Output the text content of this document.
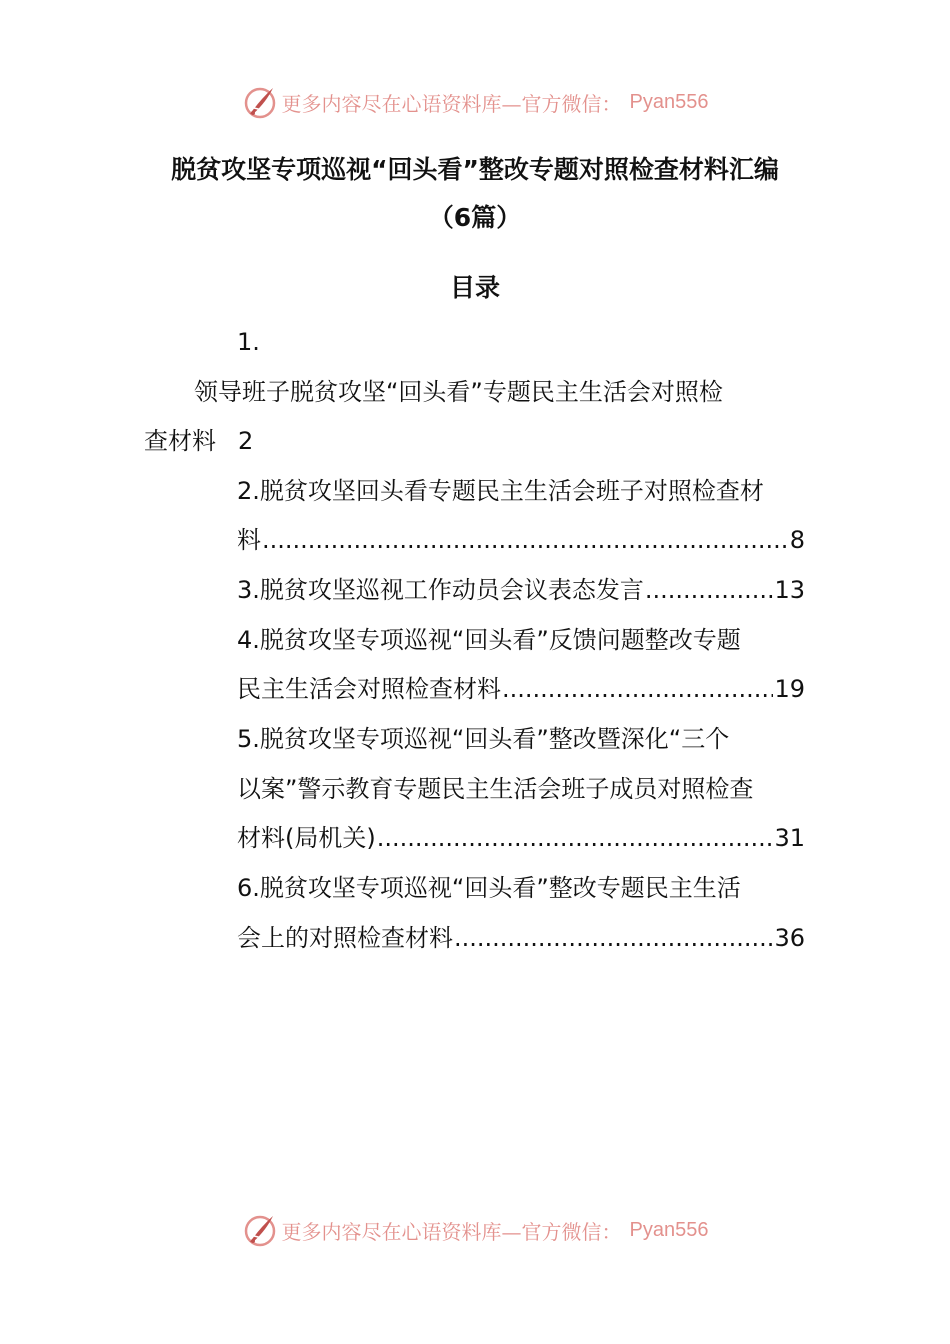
更多内容尽在心语资料库—官方微信： Pyan556
脱贫攻坚专项巡视“回头看”整改专题对照检查材料汇编
（6篇）
目录
1.
领导班子脱贫攻坚“回头看”专题民主生活会对照检
查材料 2
2.脱贫攻坚回头看专题民主生活会班子对照检查材
料 .....	8
3.脱贫攻坚巡视工作动员会议表态发言 .....	13
4.脱贫攻坚专项巡视“回头看”反馈问题整改专题
民主生活会对照检查材料 .....	19
5.脱贫攻坚专项巡视“回头看”整改暨深化“三个
以案”警示教育专题民主生活会班子成员对照检查
材料(局机关) .....	31
6.脱贫攻坚专项巡视“回头看”整改专题民主生活
会上的对照检查材料 .....	36
更多内容尽在心语资料库—官方微信： Pyan556
